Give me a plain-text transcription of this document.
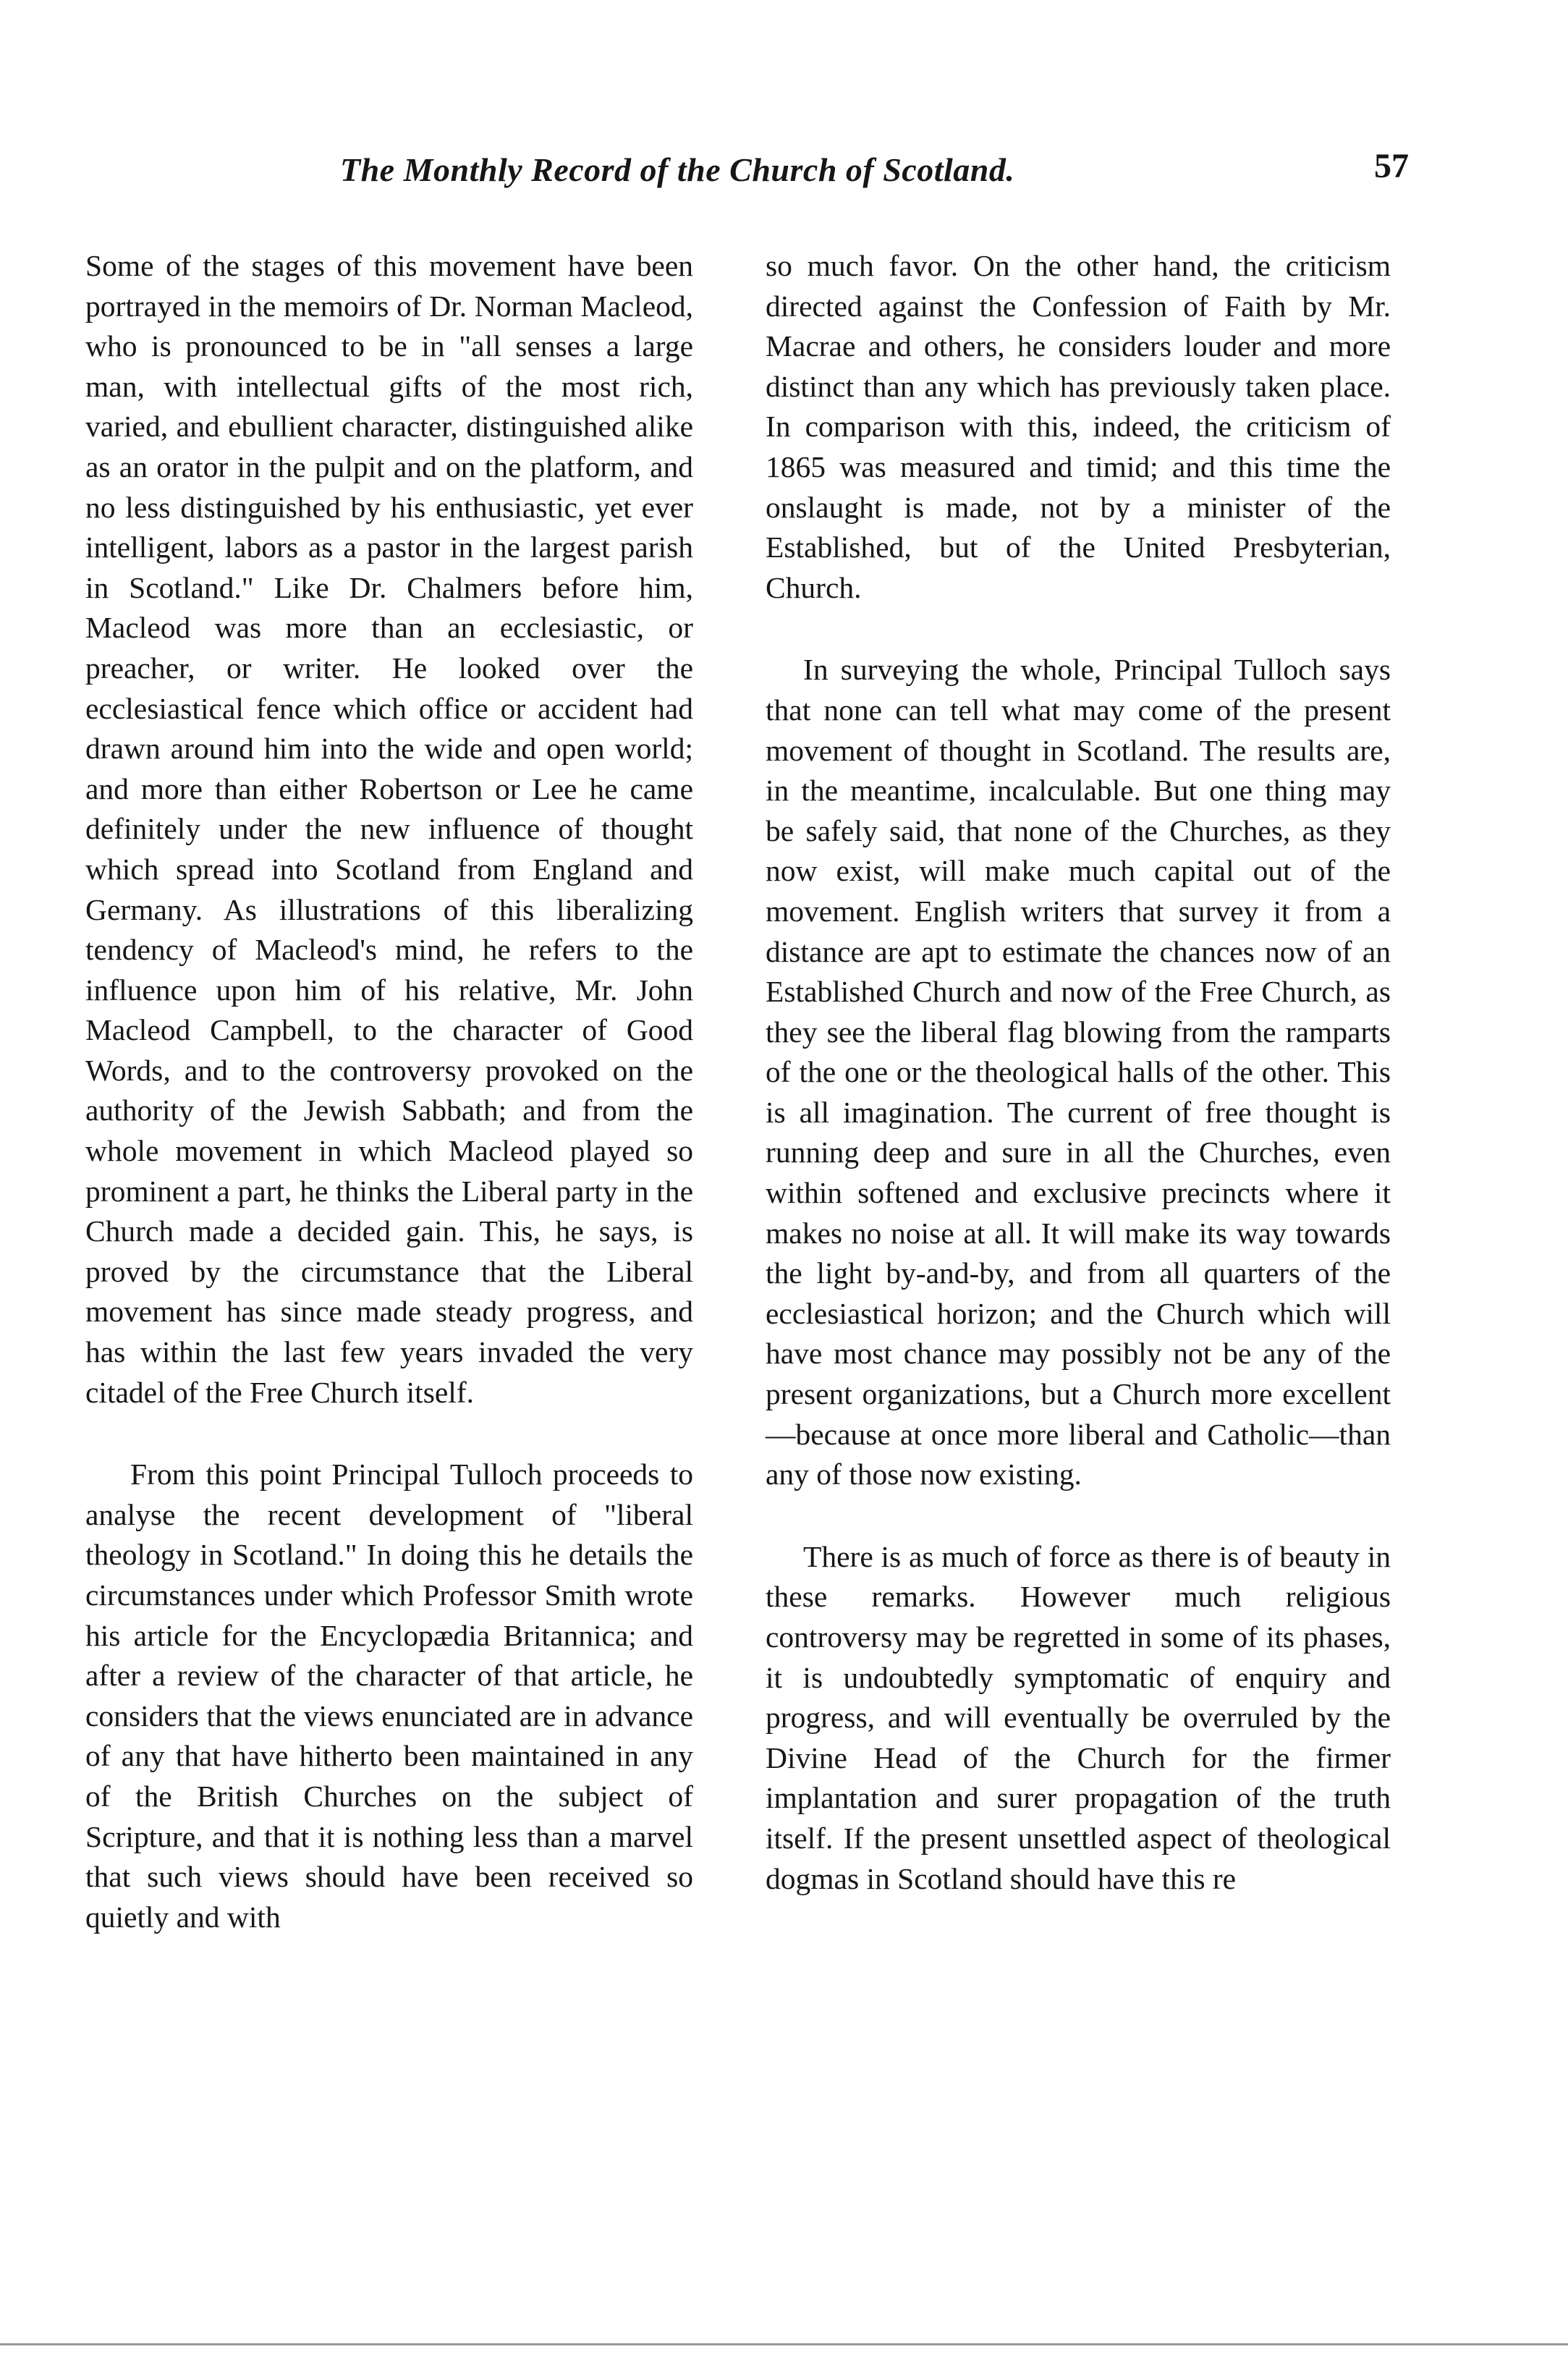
The Monthly Record of the Church of Scotland.	57

Some of the stages of this movement have been portrayed in the memoirs of Dr. Norman Macleod, who is pronounced to be in "all senses a large man, with intellectual gifts of the most rich, varied, and ebullient character, distinguished alike as an orator in the pulpit and on the platform, and no less distinguished by his enthusiastic, yet ever intelligent, labors as a pastor in the largest parish in Scotland." Like Dr. Chalmers before him, Macleod was more than an ecclesiastic, or preacher, or writer. He looked over the ecclesiastical fence which office or accident had drawn around him into the wide and open world; and more than either Robertson or Lee he came definitely under the new influence of thought which spread into Scotland from England and Germany. As illustrations of this liberalizing tendency of Macleod's mind, he refers to the influence upon him of his relative, Mr. John Macleod Campbell, to the character of Good Words, and to the controversy provoked on the authority of the Jewish Sabbath; and from the whole movement in which Macleod played so prominent a part, he thinks the Liberal party in the Church made a decided gain. This, he says, is proved by the circumstance that the Liberal movement has since made steady progress, and has within the last few years invaded the very citadel of the Free Church itself.

From this point Principal Tulloch proceeds to analyse the recent development of "liberal theology in Scotland." In doing this he details the circumstances under which Professor Smith wrote his article for the Encyclopædia Britannica; and after a review of the character of that article, he considers that the views enunciated are in advance of any that have hitherto been maintained in any of the British Churches on the subject of Scripture, and that it is nothing less than a marvel that such views should have been received so quietly and with

so much favor. On the other hand, the criticism directed against the Confession of Faith by Mr. Macrae and others, he considers louder and more distinct than any which has previously taken place. In comparison with this, indeed, the criticism of 1865 was measured and timid; and this time the onslaught is made, not by a minister of the Established, but of the United Presbyterian, Church.

In surveying the whole, Principal Tulloch says that none can tell what may come of the present movement of thought in Scotland. The results are, in the meantime, incalculable. But one thing may be safely said, that none of the Churches, as they now exist, will make much capital out of the movement. English writers that survey it from a distance are apt to estimate the chances now of an Established Church and now of the Free Church, as they see the liberal flag blowing from the ramparts of the one or the theological halls of the other. This is all imagination. The current of free thought is running deep and sure in all the Churches, even within softened and exclusive precincts where it makes no noise at all. It will make its way towards the light by-and-by, and from all quarters of the ecclesiastical horizon; and the Church which will have most chance may possibly not be any of the present organizations, but a Church more excellent—because at once more liberal and Catholic—than any of those now existing.

There is as much of force as there is of beauty in these remarks. However much religious controversy may be regretted in some of its phases, it is undoubtedly symptomatic of enquiry and progress, and will eventually be overruled by the Divine Head of the Church for the firmer implantation and surer propagation of the truth itself. If the present unsettled aspect of theological dogmas in Scotland should have this re
